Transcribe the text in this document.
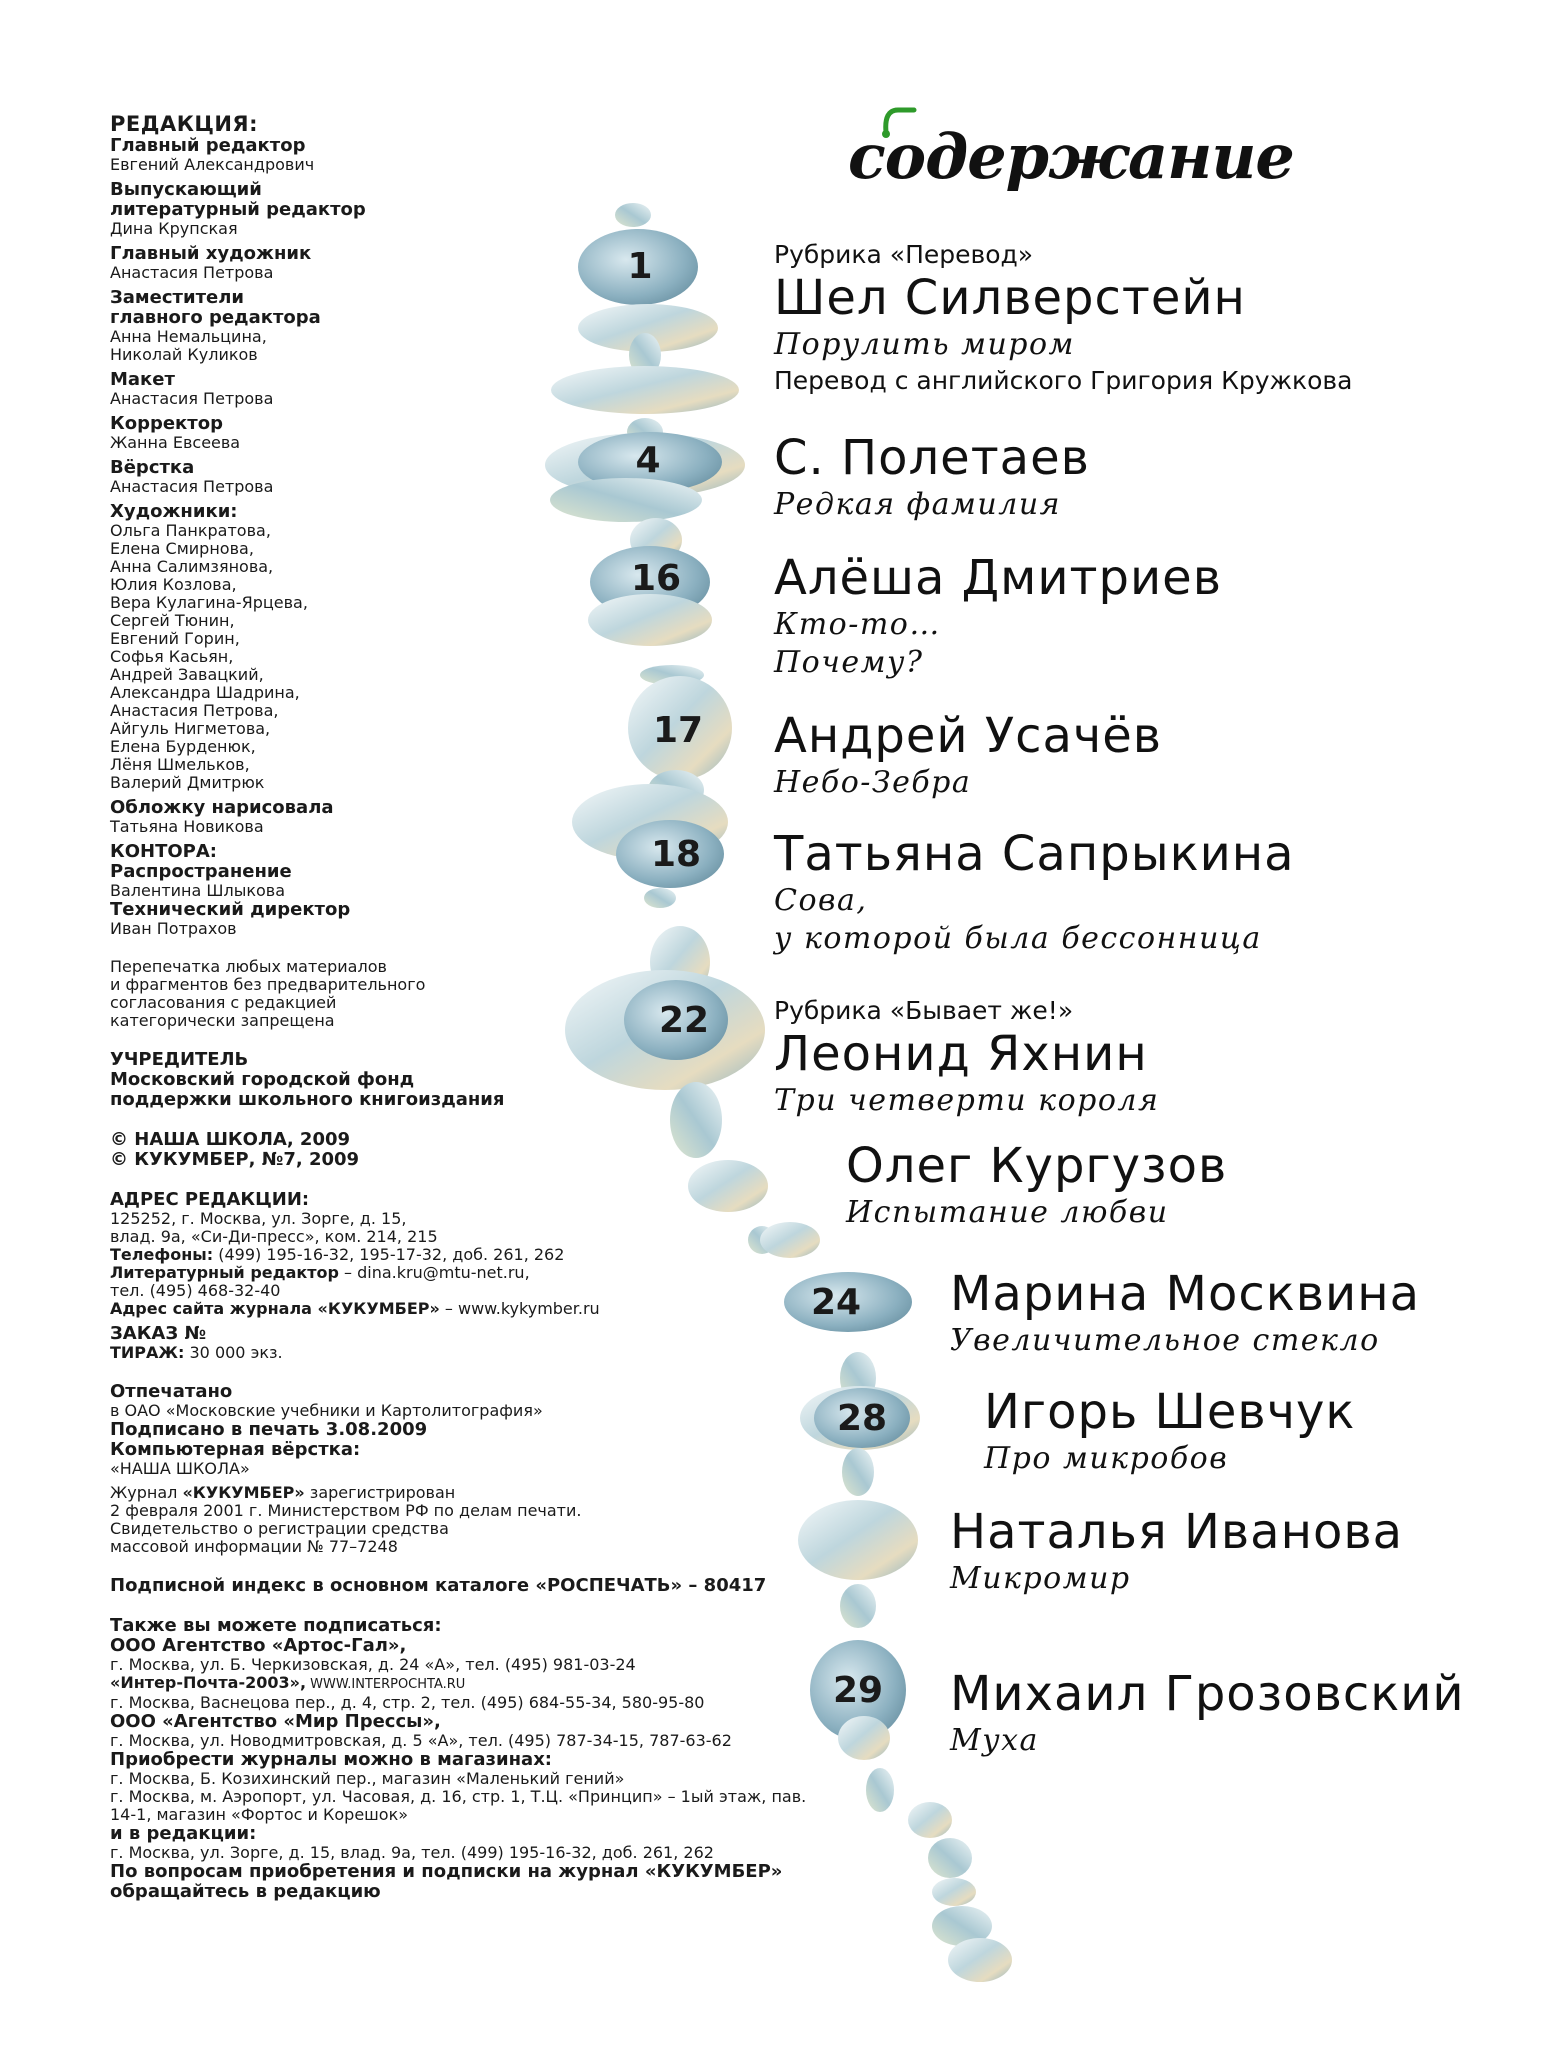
РЕДАКЦИЯ:
Главный редактор
Евгений Александрович
Выпускающий
литературный редактор
Дина Крупская
Главный художник
Анастасия Петрова
Заместители
главного редактора
Анна Немальцина,
Николай Куликов
Макет
Анастасия Петрова
Корректор
Жанна Евсеева
Вёрстка
Анастасия Петрова
Художники:
Ольга Панкратова,
Елена Смирнова,
Анна Салимзянова,
Юлия Козлова,
Вера Кулагина-Ярцева,
Сергей Тюнин,
Евгений Горин,
Софья Касьян,
Андрей Завацкий,
Александра Шадрина,
Анастасия Петрова,
Айгуль Нигметова,
Елена Бурденюк,
Лёня Шмельков,
Валерий Дмитрюк
Обложку нарисовала
Татьяна Новикова
КОНТОРА:
Распространение
Валентина Шлыкова
Технический директор
Иван Потрахов
Перепечатка любых материалов
и фрагментов без предварительного
согласования с редакцией
категорически запрещена
УЧРЕДИТЕЛЬ
Московский городской фонд
поддержки школьного книгоиздания
© НАША ШКОЛА, 2009
© КУКУМБЕР, №7, 2009
АДРЕС РЕДАКЦИИ:
125252, г. Москва, ул. Зорге, д. 15,
влад. 9а, «Си-Ди-пресс», ком. 214, 215
Телефоны: (499) 195-16-32, 195-17-32, доб. 261, 262
Литературный редактор – dina.kru@mtu-net.ru,
тел. (495) 468-32-40
Адрес сайта журнала «КУКУМБЕР» – www.kykymber.ru
ЗАКАЗ №
ТИРАЖ: 30 000 экз.
Отпечатано
в ОАО «Московские учебники и Картолитография»
Подписано в печать 3.08.2009
Компьютерная вёрстка:
«НАША ШКОЛА»
Журнал «КУКУМБЕР» зарегистрирован
2 февраля 2001 г. Министерством РФ по делам печати.
Свидетельство о регистрации средства
массовой информации № 77–7248
Подписной индекс в основном каталоге «РОСПЕЧАТЬ» – 80417
Также вы можете подписаться:
ООО Агентство «Артос-Гал»,
г. Москва, ул. Б. Черкизовская, д. 24 «А», тел. (495) 981-03-24
«Интер-Почта-2003», WWW.INTERPOCHTA.RU
г. Москва, Васнецова пер., д. 4, стр. 2, тел. (495) 684-55-34, 580-95-80
ООО «Агентство «Мир Прессы»,
г. Москва, ул. Новодмитровская, д. 5 «А», тел. (495) 787-34-15, 787-63-62
Приобрести журналы можно в магазинах:
г. Москва, Б. Козихинский пер., магазин «Маленький гений»
г. Москва, м. Аэропорт, ул. Часовая, д. 16, стр. 1, Т.Ц. «Принцип» – 1ый этаж, пав.
14-1, магазин «Фортос и Корешок»
и в редакции:
г. Москва, ул. Зорге, д. 15, влад. 9а, тел. (499) 195-16-32, доб. 261, 262
По вопросам приобретения и подписки на журнал «КУКУМБЕР»
обращайтесь в редакцию
содержание
1
4
16
17
18
22
24
28
29
Рубрика «Перевод»
Шел Силверстейн
Порулить миром
Перевод с английского Григория Кружкова
С. Полетаев
Редкая фамилия
Алёша Дмитриев
Кто-то…
Почему?
Андрей Усачёв
Небо-Зебра
Татьяна Сапрыкина
Сова,
у которой была бессонница
Рубрика «Бывает же!»
Леонид Яхнин
Три четверти короля
Олег Кургузов
Испытание любви
Марина Москвина
Увеличительное стекло
Игорь Шевчук
Про микробов
Наталья Иванова
Микромир
Михаил Грозовский
Муха
